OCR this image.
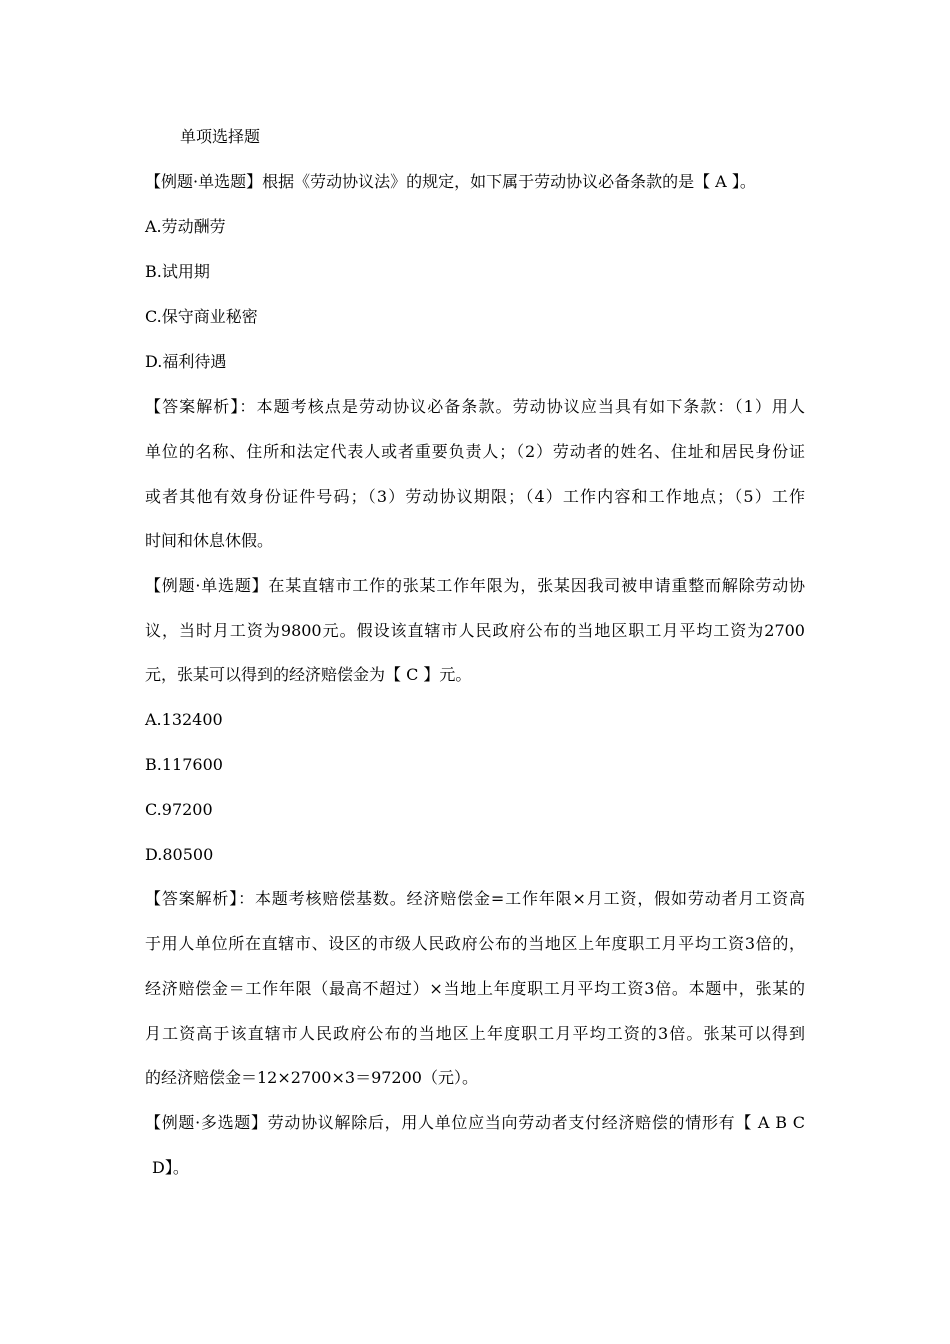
单项选择题
【例题·单选题】根据《劳动协议法》的规定，如下属于劳动协议必备条款的是【 A 】。
A.劳动酬劳
B.试用期
C.保守商业秘密
D.福利待遇
【答案解析】：本题考核点是劳动协议必备条款。劳动协议应当具有如下条款：（1）用人
单位的名称、住所和法定代表人或者重要负责人；（2）劳动者的姓名、住址和居民身份证
或者其他有效身份证件号码；（3）劳动协议期限；（4）工作内容和工作地点；（5）工作
时间和休息休假。
【例题·单选题】在某直辖市工作的张某工作年限为，张某因我司被申请重整而解除劳动协
议，当时月工资为9800元。假设该直辖市人民政府公布的当地区职工月平均工资为2700
元，张某可以得到的经济赔偿金为【 C 】元。
A.132400
B.117600
C.97200
D.80500
【答案解析】：本题考核赔偿基数。经济赔偿金=工作年限×月工资，假如劳动者月工资高
于用人单位所在直辖市、设区的市级人民政府公布的当地区上年度职工月平均工资3倍的，
经济赔偿金＝工作年限（最高不超过）×当地上年度职工月平均工资3倍。本题中，张某的
月工资高于该直辖市人民政府公布的当地区上年度职工月平均工资的3倍。张某可以得到
的经济赔偿金＝12×2700×3＝97200（元）。
【例题·多选题】劳动协议解除后，用人单位应当向劳动者支付经济赔偿的情形有【 A B C
D】。
